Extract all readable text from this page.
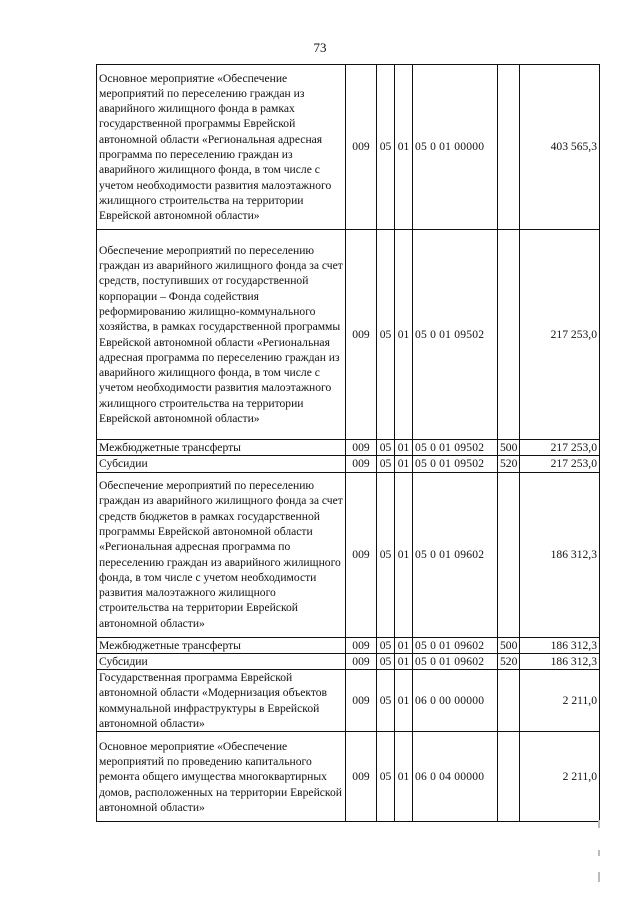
73
Основное мероприятие «Обеспечение мероприятий по переселению граждан из аварийного жилищного фонда в рамках государственной программы Еврейской автономной области «Региональная адресная программа по переселению граждан из аварийного жилищного фонда, в том числе с учетом необходимости развития малоэтажного жилищного строительства на территории Еврейской автономной области»	009	05	01	05 0 01 00000		403 565,3
Обеспечение мероприятий по переселению граждан из аварийного жилищного фонда за счет средств, поступивших от государственной корпорации – Фонда содействия реформированию жилищно-коммунального хозяйства, в рамках государственной программы Еврейской автономной области «Региональная адресная программа по переселению граждан из аварийного жилищного фонда, в том числе с учетом необходимости развития малоэтажного жилищного строительства на территории Еврейской автономной области»	009	05	01	05 0 01 09502		217 253,0
Межбюджетные трансферты	009	05	01	05 0 01 09502	500	217 253,0
Субсидии	009	05	01	05 0 01 09502	520	217 253,0
Обеспечение мероприятий по переселению граждан из аварийного жилищного фонда за счет средств бюджетов в рамках государственной программы Еврейской автономной области «Региональная адресная программа по переселению граждан из аварийного жилищного фонда, в том числе с учетом необходимости развития малоэтажного жилищного строительства на территории Еврейской автономной области»	009	05	01	05 0 01 09602		186 312,3
Межбюджетные трансферты	009	05	01	05 0 01 09602	500	186 312,3
Субсидии	009	05	01	05 0 01 09602	520	186 312,3
Государственная программа Еврейской автономной области «Модернизация объектов коммунальной инфраструктуры в Еврейской автономной области»	009	05	01	06 0 00 00000		2 211,0
Основное мероприятие «Обеспечение мероприятий по проведению капитального ремонта общего имущества многоквартирных домов, расположенных на территории Еврейской автономной области»	009	05	01	06 0 04 00000		2 211,0
